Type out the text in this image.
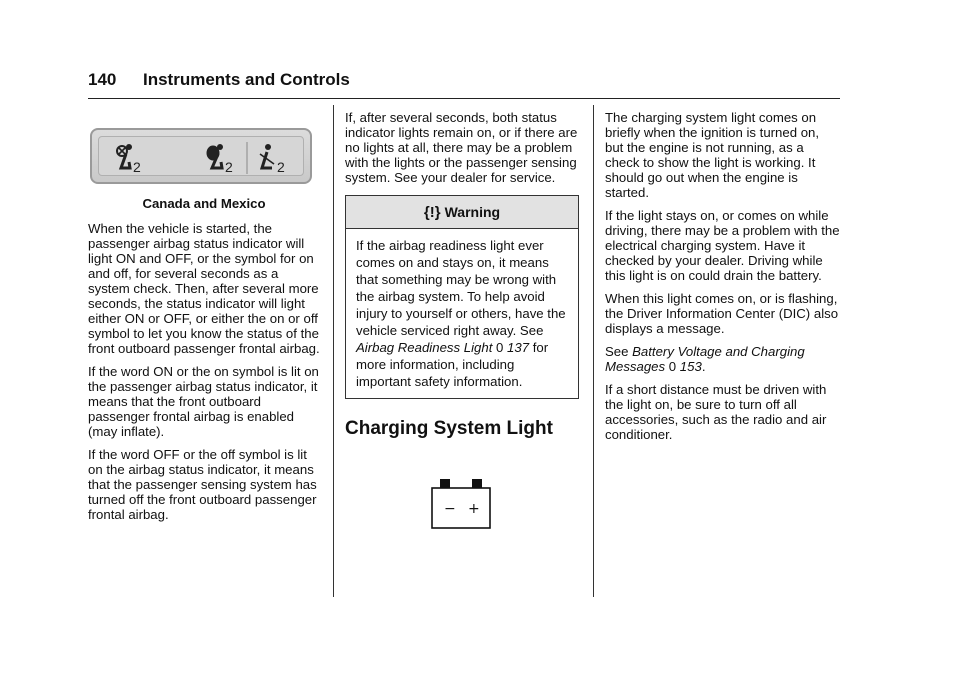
140 Instruments and Controls
2	2	2

Canada and Mexico

When the vehicle is started, the passenger airbag status indicator will light ON and OFF, or the symbol for on and off, for several seconds as a system check. Then, after several more seconds, the status indicator will light either ON or OFF, or either the on or off symbol to let you know the status of the front outboard passenger frontal airbag.

If the word ON or the on symbol is lit on the passenger airbag status indicator, it means that the front outboard passenger frontal airbag is enabled (may inflate).

If the word OFF or the off symbol is lit on the airbag status indicator, it means that the passenger sensing system has turned off the front outboard passenger frontal airbag.

If, after several seconds, both status indicator lights remain on, or if there are no lights at all, there may be a problem with the lights or the passenger sensing system. See your dealer for service.

{!} Warning
If the airbag readiness light ever comes on and stays on, it means that something may be wrong with the airbag system. To help avoid injury to yourself or others, have the vehicle serviced right away. See Airbag Readiness Light 0 137 for more information, including important safety information.
Charging System Light
− +

The charging system light comes on briefly when the ignition is turned on, but the engine is not running, as a check to show the light is working. It should go out when the engine is started.

If the light stays on, or comes on while driving, there may be a problem with the electrical charging system. Have it checked by your dealer. Driving while this light is on could drain the battery.

When this light comes on, or is flashing, the Driver Information Center (DIC) also displays a message.

See Battery Voltage and Charging Messages 0 153.

If a short distance must be driven with the light on, be sure to turn off all accessories, such as the radio and air conditioner.
